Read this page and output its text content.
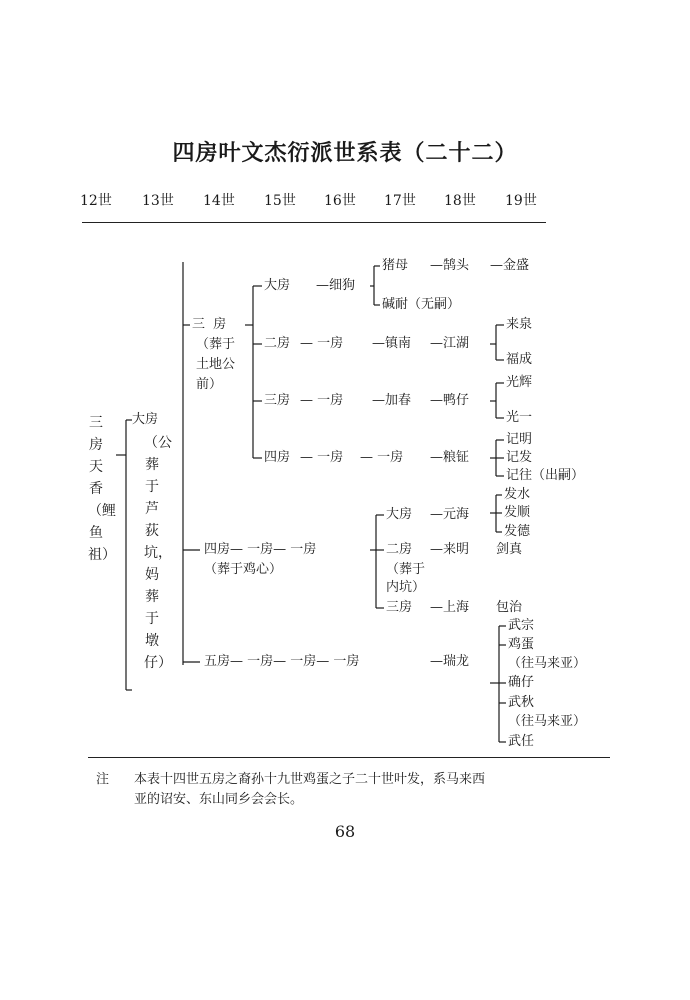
四房叶文杰衍派世系表（二十二）
12世 13世 14世 15世 16世 17世 18世 19世
三房天香（鲤鱼祖）
大房
（公葬于芦荻坑，妈葬于墩仔）
三 房
（葬于
土地公
前）
大房 —细狗
猪母 —鹄头 —金盛
碱耐（无嗣）
二房 — 一房 —镇南 —江湖
来泉
福成
三房 — 一房 —加春 —鸭仔
光辉
光一
四房 — 一房 — 一房 —粮钲
记明
记发
记往（出嗣）
四房— 一房— 一房
（葬于鸡心）
大房 —元海
发水
发顺
发德
二房 —来明
（葬于
内坑）
剑真
三房 —上海 包治
五房— 一房— 一房— 一房	—瑞龙
武宗
鸡蛋
（往马来亚）
确仔
武秋
（往马来亚）
武任
注 本表十四世五房之裔孙十九世鸡蛋之子二十世叶发，系马来西
亚的诏安、东山同乡会会长。
68
